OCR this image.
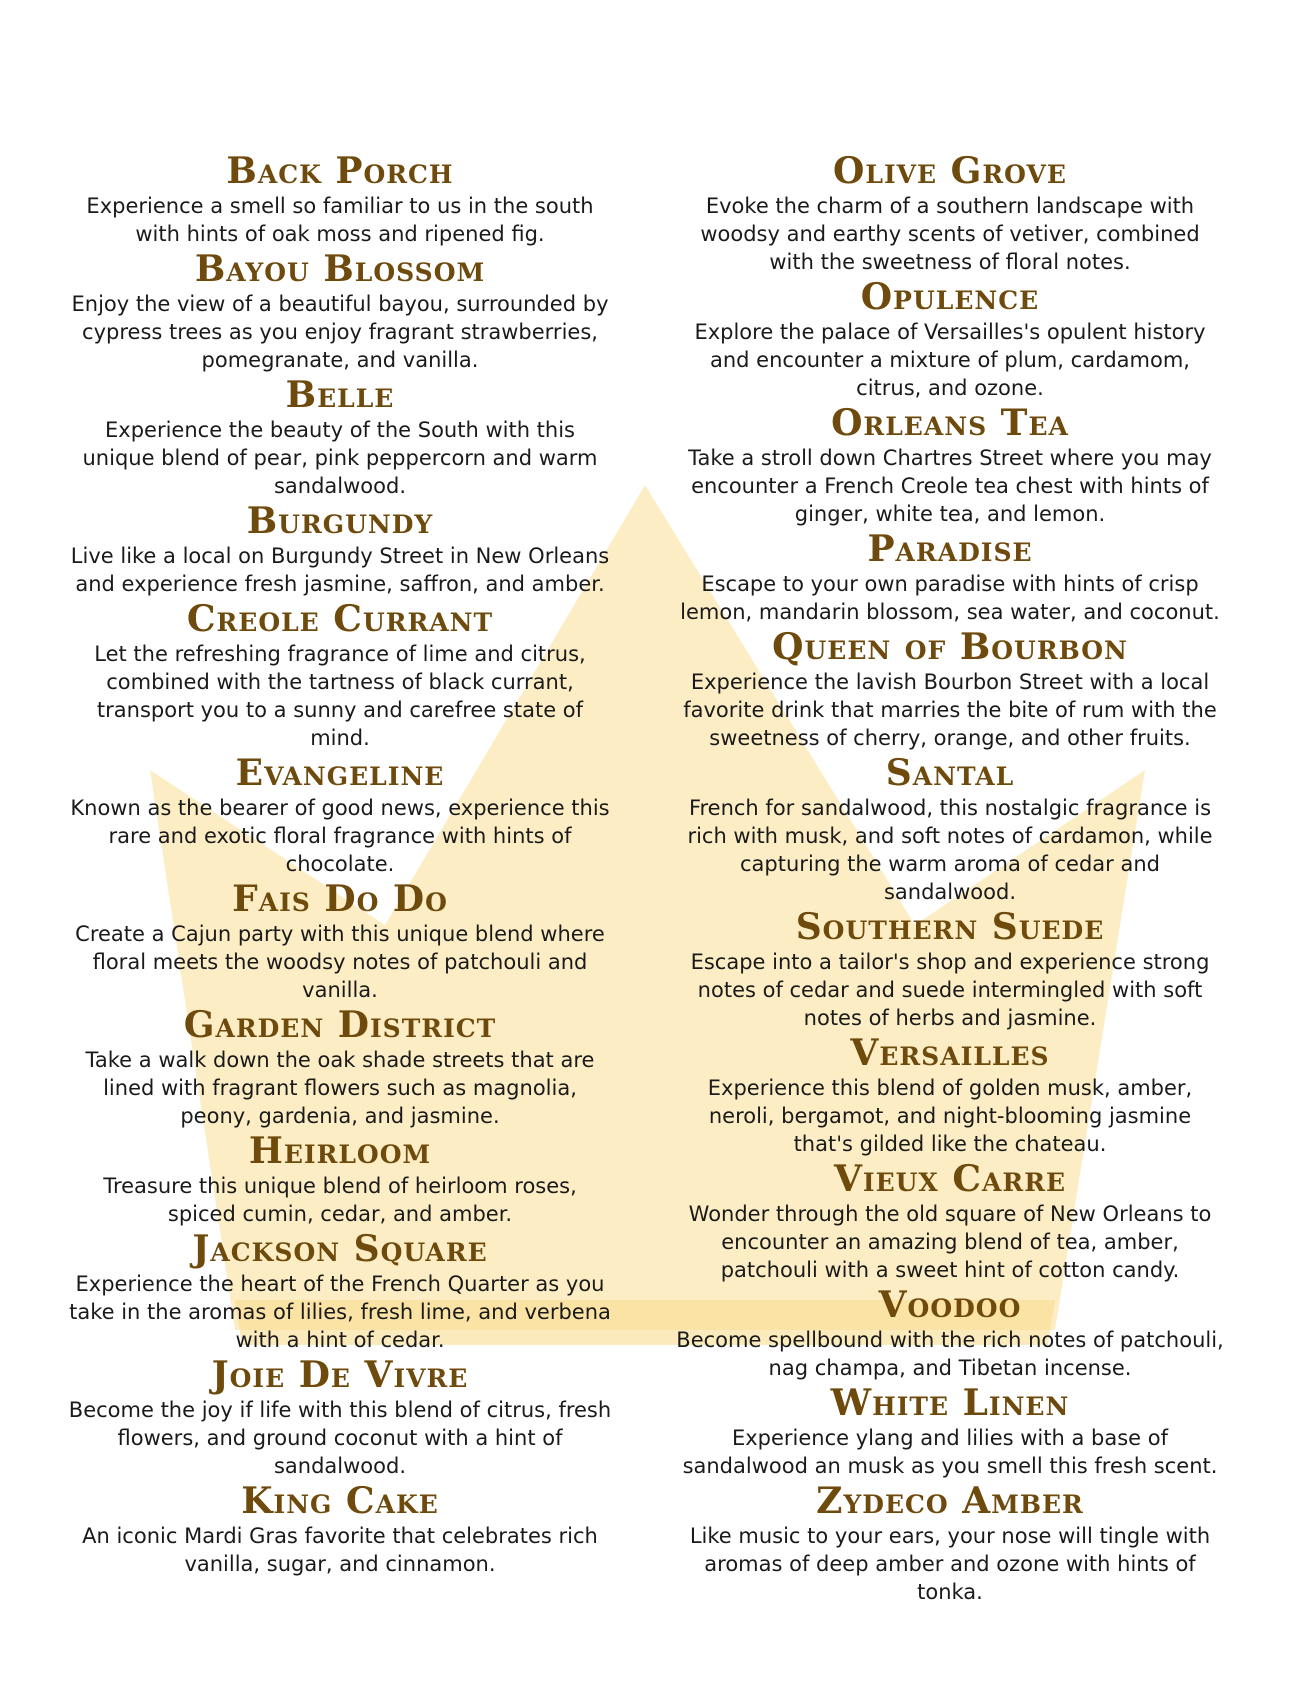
Back Porch

Experience a smell so familiar to us in the south with hints of oak moss and ripened fig.

Bayou Blossom

Enjoy the view of a beautiful bayou, surrounded by cypress trees as you enjoy fragrant strawberries, pomegranate, and vanilla.

Belle

Experience the beauty of the South with this unique blend of pear, pink peppercorn and warm sandalwood.

Burgundy

Live like a local on Burgundy Street in New Orleans and experience fresh jasmine, saffron, and amber.

Creole Currant

Let the refreshing fragrance of lime and citrus, combined with the tartness of black currant, transport you to a sunny and carefree state of mind.

Evangeline

Known as the bearer of good news, experience this rare and exotic floral fragrance with hints of chocolate.

Fais Do Do

Create a Cajun party with this unique blend where floral meets the woodsy notes of patchouli and vanilla.

Garden District

Take a walk down the oak shade streets that are lined with fragrant flowers such as magnolia, peony, gardenia, and jasmine.

Heirloom

Treasure this unique blend of heirloom roses, spiced cumin, cedar, and amber.

Jackson Square

Experience the heart of the French Quarter as you take in the aromas of lilies, fresh lime, and verbena with a hint of cedar.

Joie De Vivre

Become the joy if life with this blend of citrus, fresh flowers, and ground coconut with a hint of sandalwood.

King Cake

An iconic Mardi Gras favorite that celebrates rich vanilla, sugar, and cinnamon.

Olive Grove

Evoke the charm of a southern landscape with woodsy and earthy scents of vetiver, combined with the sweetness of floral notes.

Opulence

Explore the palace of Versailles's opulent history and encounter a mixture of plum, cardamom, citrus, and ozone.

Orleans Tea

Take a stroll down Chartres Street where you may encounter a French Creole tea chest with hints of ginger, white tea, and lemon.

Paradise

Escape to your own paradise with hints of crisp lemon, mandarin blossom, sea water, and coconut.

Queen of Bourbon

Experience the lavish Bourbon Street with a local favorite drink that marries the bite of rum with the sweetness of cherry, orange, and other fruits.

Santal

French for sandalwood, this nostalgic fragrance is rich with musk, and soft notes of cardamon, while capturing the warm aroma of cedar and sandalwood.

Southern Suede

Escape into a tailor's shop and experience strong notes of cedar and suede intermingled with soft notes of herbs and jasmine.

Versailles

Experience this blend of golden musk, amber, neroli, bergamot, and night-blooming jasmine that's gilded like the chateau.

Vieux Carre

Wonder through the old square of New Orleans to encounter an amazing blend of tea, amber, patchouli with a sweet hint of cotton candy.

Voodoo

Become spellbound with the rich notes of patchouli, nag champa, and Tibetan incense.

White Linen

Experience ylang and lilies with a base of sandalwood an musk as you smell this fresh scent.

Zydeco Amber

Like music to your ears, your nose will tingle with aromas of deep amber and ozone with hints of tonka.
